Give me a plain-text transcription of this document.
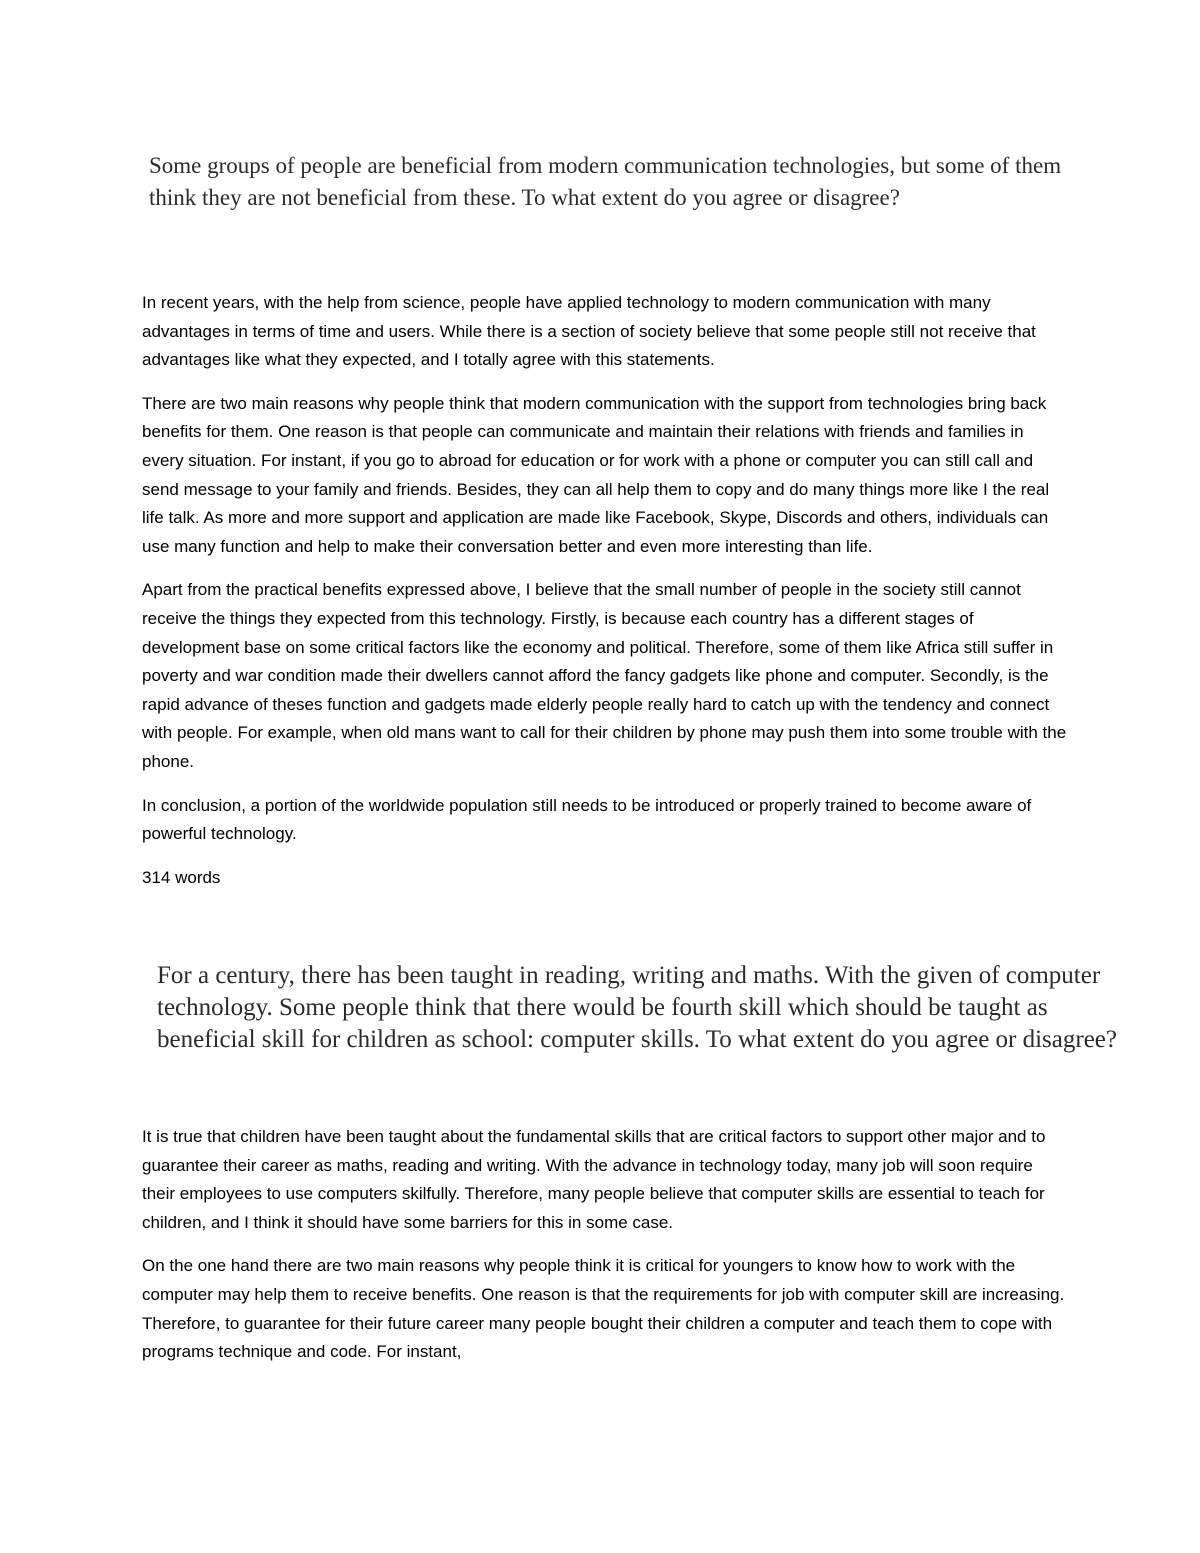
Some groups of people are beneficial from modern communication technologies, but some of them think they are not beneficial from these. To what extent do you agree or disagree?

In recent years, with the help from science, people have applied technology to modern communication with many advantages in terms of time and users. While there is a section of society believe that some people still not receive that advantages like what they expected, and I totally agree with this statements.

There are two main reasons why people think that modern communication with the support from technologies bring back benefits for them. One reason is that people can communicate and maintain their relations with friends and families in every situation. For instant, if you go to abroad for education or for work with a phone or computer you can still call and send message to your family and friends. Besides, they can all help them to copy and do many things more like I the real life talk. As more and more support and application are made like Facebook, Skype, Discords and others, individuals can use many function and help to make their conversation better and even more interesting than life.

Apart from the practical benefits expressed above, I believe that the small number of people in the society still cannot receive the things they expected from this technology. Firstly, is because each country has a different stages of development base on some critical factors like the economy and political. Therefore, some of them like Africa still suffer in poverty and war condition made their dwellers cannot afford the fancy gadgets like phone and computer. Secondly, is the rapid advance of theses function and gadgets made elderly people really hard to catch up with the tendency and connect with people. For example, when old mans want to call for their children by phone may push them into some trouble with the phone.

In conclusion, a portion of the worldwide population still needs to be introduced or properly trained to become aware of powerful technology.

314 words

For a century, there has been taught in reading, writing and maths. With the given of computer technology. Some people think that there would be fourth skill which should be taught as beneficial skill for children as school: computer skills. To what extent do you agree or disagree?

It is true that children have been taught about the fundamental skills that are critical factors to support other major and to guarantee their career as maths, reading and writing. With the advance in technology today, many job will soon require their employees to use computers skilfully. Therefore, many people believe that computer skills are essential to teach for children, and I think it should have some barriers for this in some case.

On the one hand there are two main reasons why people think it is critical for youngers to know how to work with the computer may help them to receive benefits. One reason is that the requirements for job with computer skill are increasing. Therefore, to guarantee for their future career many people bought their children a computer and teach them to cope with programs technique and code. For instant,
